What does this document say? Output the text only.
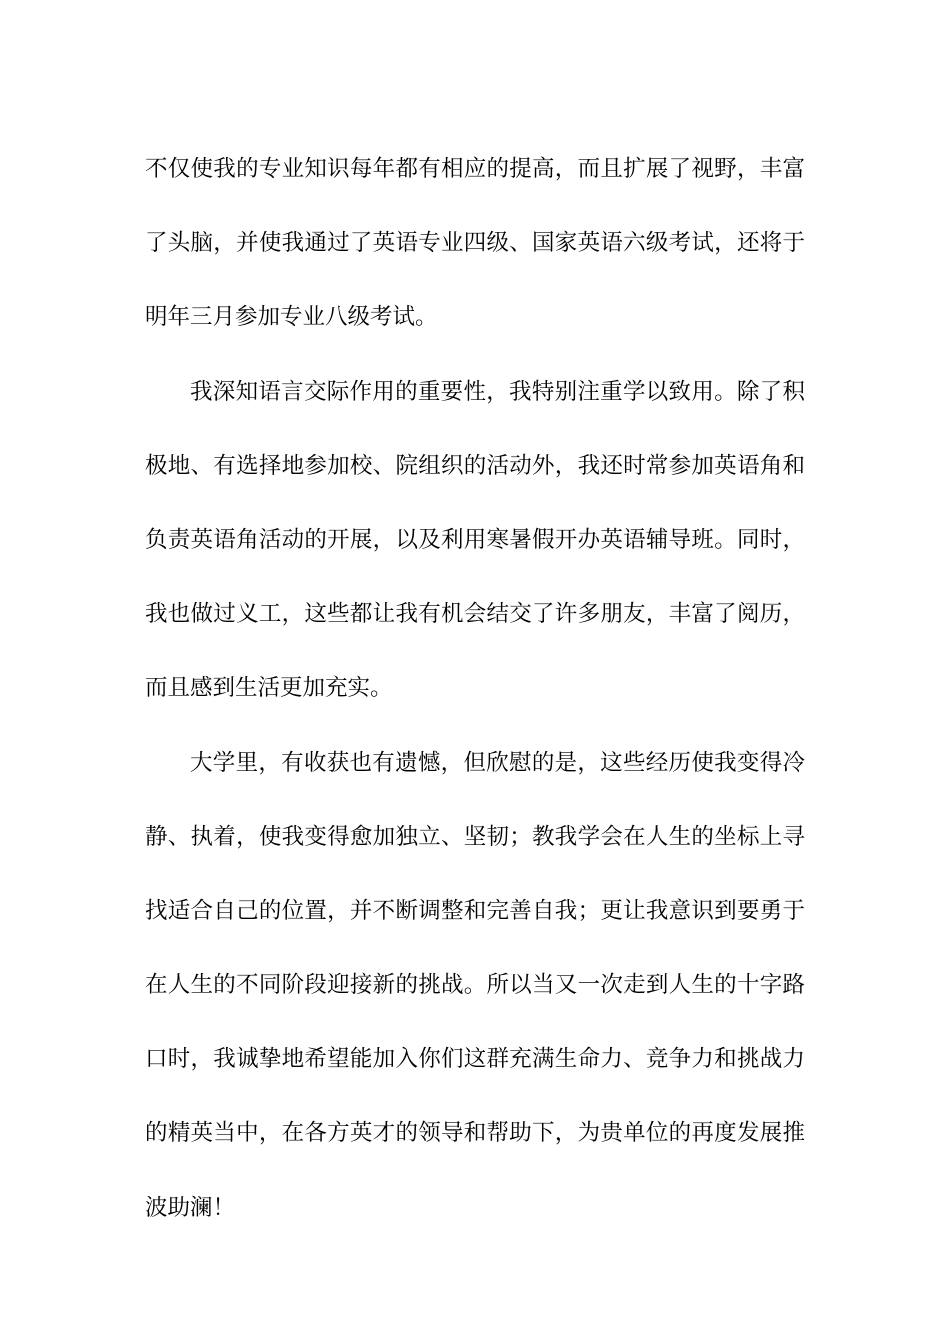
不仅使我的专业知识每年都有相应的提高，而且扩展了视野，丰富
了头脑，并使我通过了英语专业四级、国家英语六级考试，还将于
明年三月参加专业八级考试。
我深知语言交际作用的重要性，我特别注重学以致用。除了积
极地、有选择地参加校、院组织的活动外，我还时常参加英语角和
负责英语角活动的开展，以及利用寒暑假开办英语辅导班。同时，
我也做过义工，这些都让我有机会结交了许多朋友，丰富了阅历，
而且感到生活更加充实。
大学里，有收获也有遗憾，但欣慰的是，这些经历使我变得冷
静、执着，使我变得愈加独立、坚韧；教我学会在人生的坐标上寻
找适合自己的位置，并不断调整和完善自我；更让我意识到要勇于
在人生的不同阶段迎接新的挑战。所以当又一次走到人生的十字路
口时，我诚挚地希望能加入你们这群充满生命力、竞争力和挑战力
的精英当中，在各方英才的领导和帮助下，为贵单位的再度发展推
波助澜！
